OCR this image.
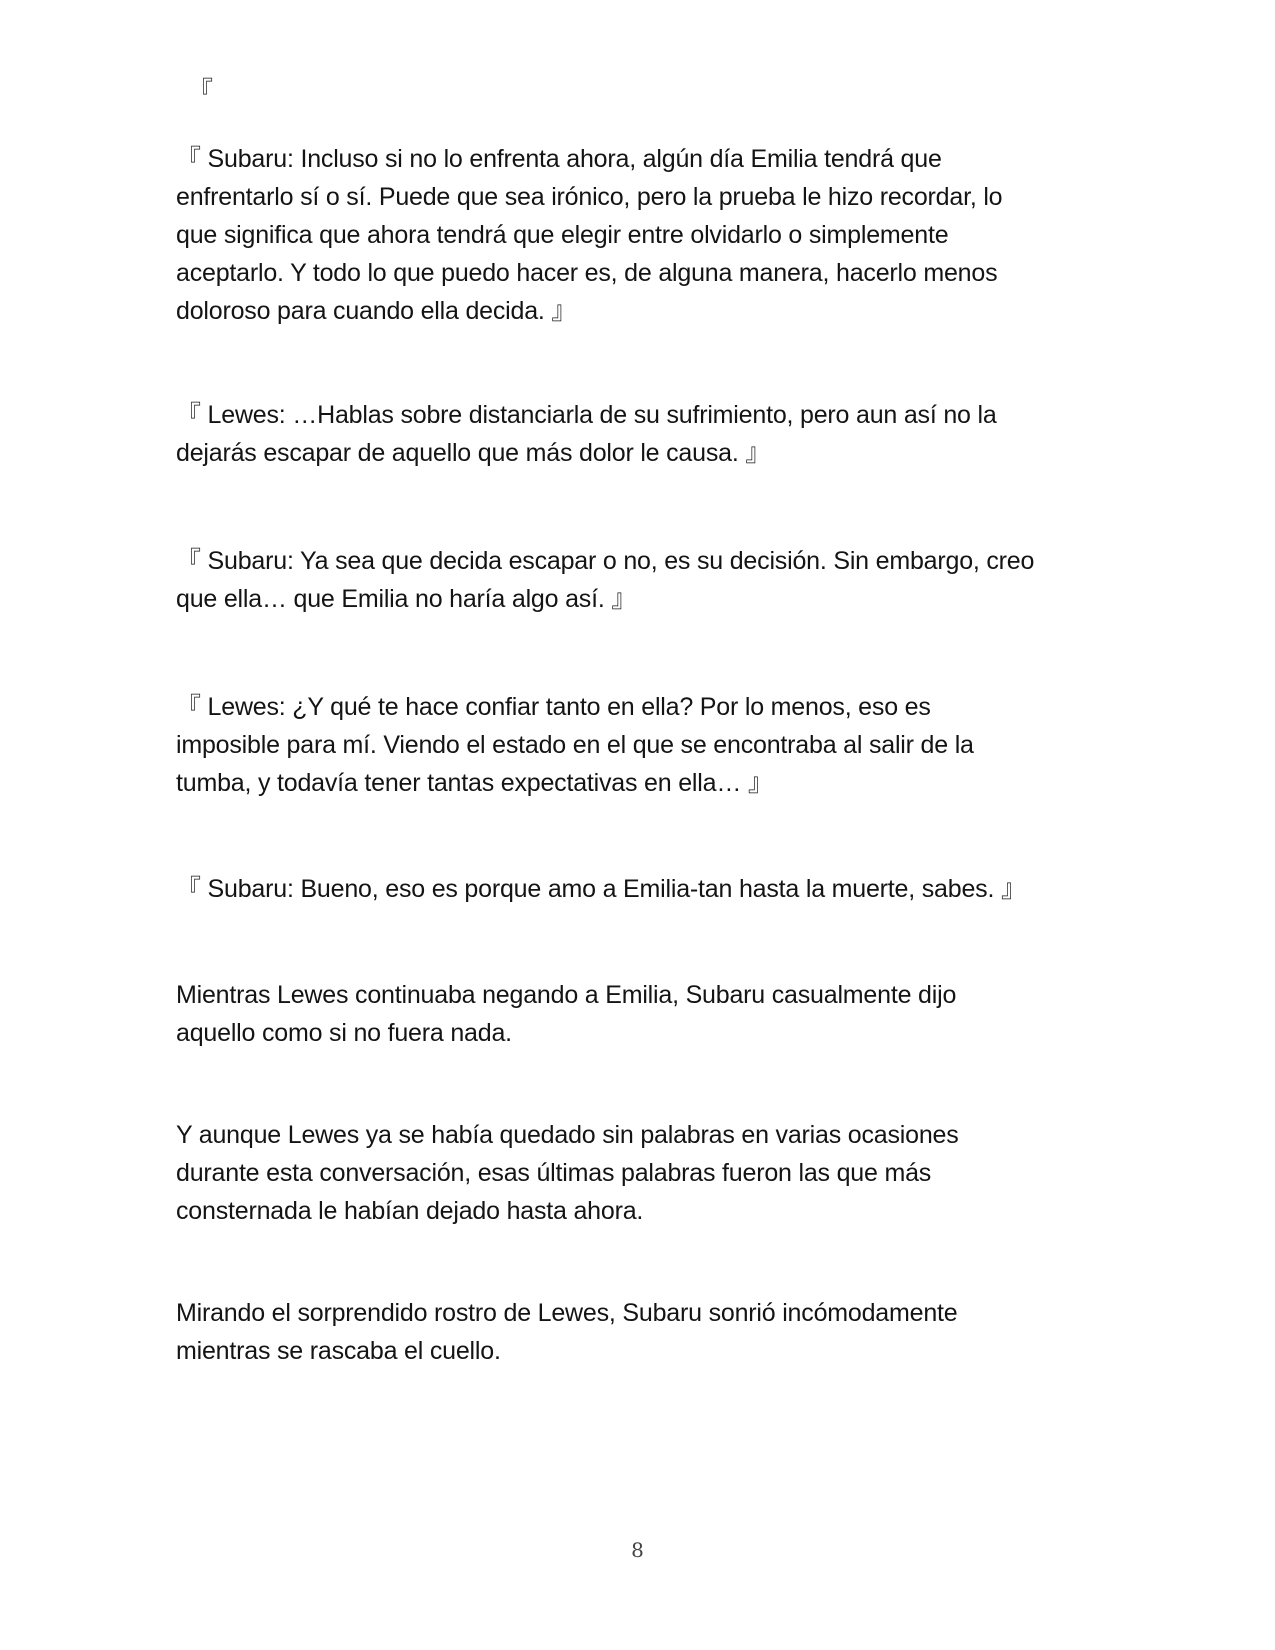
『

『 Subaru: Incluso si no lo enfrenta ahora, algún día Emilia tendrá que
enfrentarlo sí o sí. Puede que sea irónico, pero la prueba le hizo recordar, lo
que significa que ahora tendrá que elegir entre olvidarlo o simplemente
aceptarlo. Y todo lo que puedo hacer es, de alguna manera, hacerlo menos
doloroso para cuando ella decida. 』

『 Lewes: …Hablas sobre distanciarla de su sufrimiento, pero aun así no la
dejarás escapar de aquello que más dolor le causa. 』

『 Subaru: Ya sea que decida escapar o no, es su decisión. Sin embargo, creo
que ella… que Emilia no haría algo así. 』

『 Lewes: ¿Y qué te hace confiar tanto en ella? Por lo menos, eso es
imposible para mí. Viendo el estado en el que se encontraba al salir de la
tumba, y todavía tener tantas expectativas en ella… 』

『 Subaru: Bueno, eso es porque amo a Emilia-tan hasta la muerte, sabes. 』

Mientras Lewes continuaba negando a Emilia, Subaru casualmente dijo
aquello como si no fuera nada.

Y aunque Lewes ya se había quedado sin palabras en varias ocasiones
durante esta conversación, esas últimas palabras fueron las que más
consternada le habían dejado hasta ahora.

Mirando el sorprendido rostro de Lewes, Subaru sonrió incómodamente
mientras se rascaba el cuello.

8
